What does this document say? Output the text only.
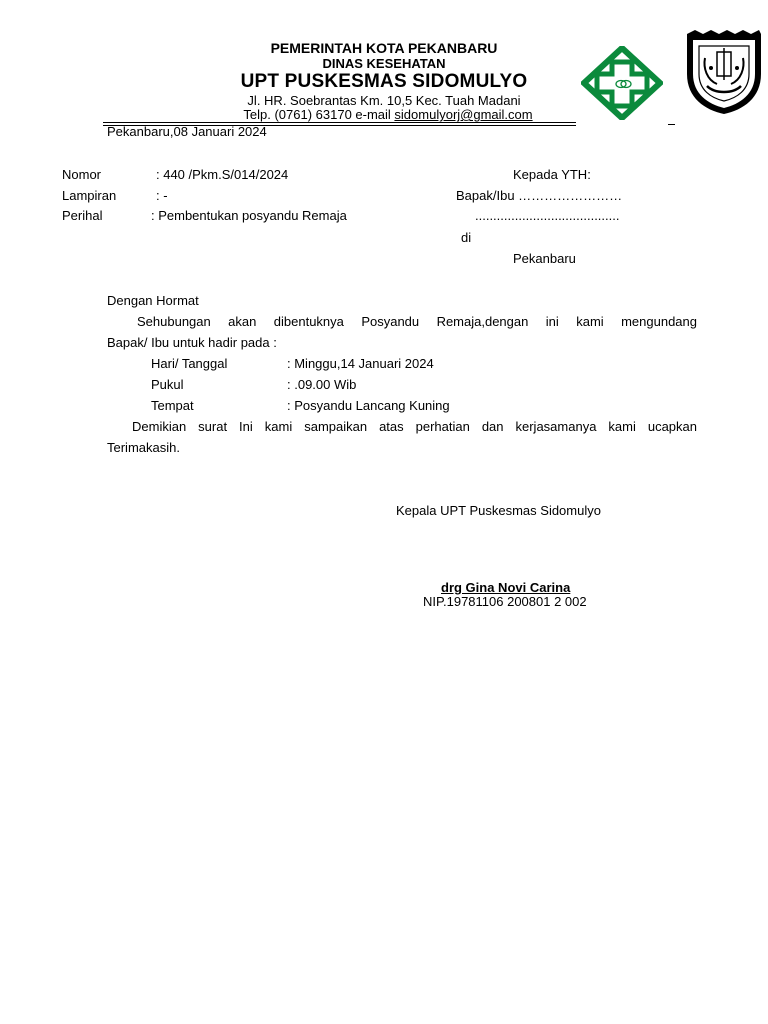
PEMERINTAH KOTA PEKANBARU
DINAS KESEHATAN
UPT PUSKESMAS SIDOMULYO
Jl. HR. Soebrantas Km. 10,5 Kec. Tuah Madani
Telp. (0761) 63170 e-mail sidomulyorj@gmail.com
Pekanbaru,08 Januari 2024
Nomor	: 440 /Pkm.S/014/2024
Lampiran	: -
Perihal	: Pembentukan posyandu Remaja
Kepada YTH:
Bapak/Ibu ……………………
........................................
di
Pekanbaru
Dengan Hormat
Sehubungan akan dibentuknya Posyandu Remaja,dengan ini kami mengundang
Bapak/ Ibu untuk hadir pada :
Hari/ Tanggal	: Minggu,14 Januari 2024
Pukul	: .09.00 Wib
Tempat	: Posyandu Lancang Kuning
Demikian surat Ini kami sampaikan atas perhatian dan kerjasamanya kami ucapkan
Terimakasih.
Kepala UPT Puskesmas Sidomulyo
drg Gina Novi Carina
NIP.19781106 200801 2 002
